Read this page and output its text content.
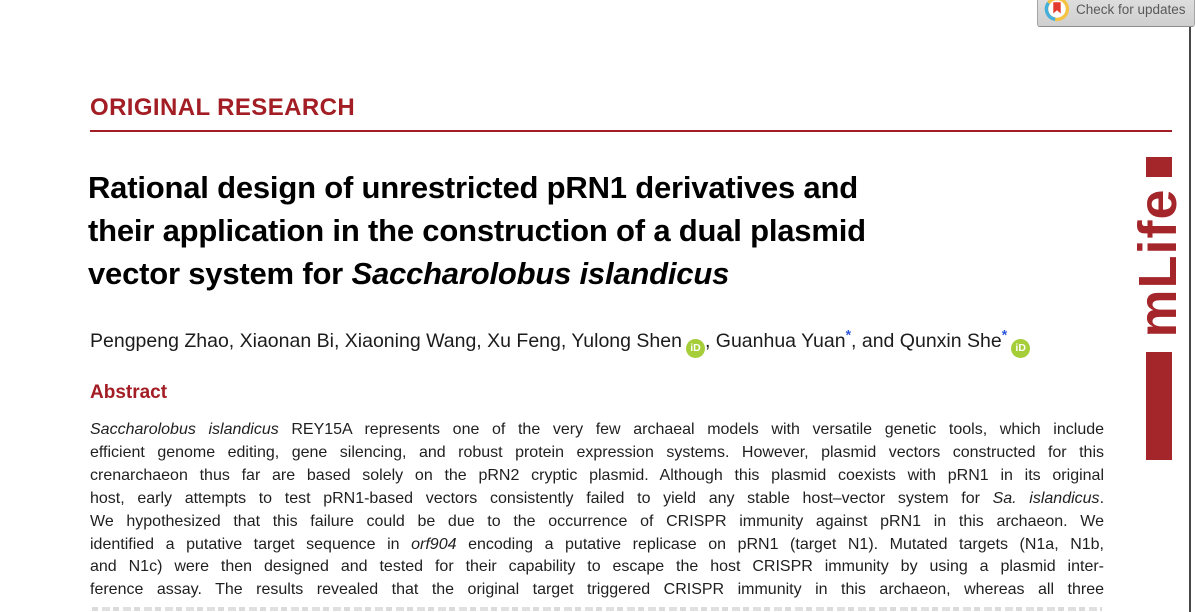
Check for updates
ORIGINAL RESEARCH
Rational design of unrestricted pRN1 derivatives and
their application in the construction of a dual plasmid
vector system for Saccharolobus islandicus
Pengpeng Zhao, Xiaonan Bi, Xiaoning Wang, Xu Feng, Yulong Shen iD , Guanhua Yuan*, and Qunxin She*
iD
Abstract
Saccharolobus islandicus REY15A represents one of the very few archaeal models with versatile genetic tools, which include
efficient genome editing, gene silencing, and robust protein expression systems. However, plasmid vectors constructed for this
crenarchaeon thus far are based solely on the pRN2 cryptic plasmid. Although this plasmid coexists with pRN1 in its original
host, early attempts to test pRN1-based vectors consistently failed to yield any stable host–vector system for Sa. islandicus.
We hypothesized that this failure could be due to the occurrence of CRISPR immunity against pRN1 in this archaeon. We
identified a putative target sequence in orf904 encoding a putative replicase on pRN1 (target N1). Mutated targets (N1a, N1b,
and N1c) were then designed and tested for their capability to escape the host CRISPR immunity by using a plasmid inter-
ference assay. The results revealed that the original target triggered CRISPR immunity in this archaeon, whereas all three
mLife
